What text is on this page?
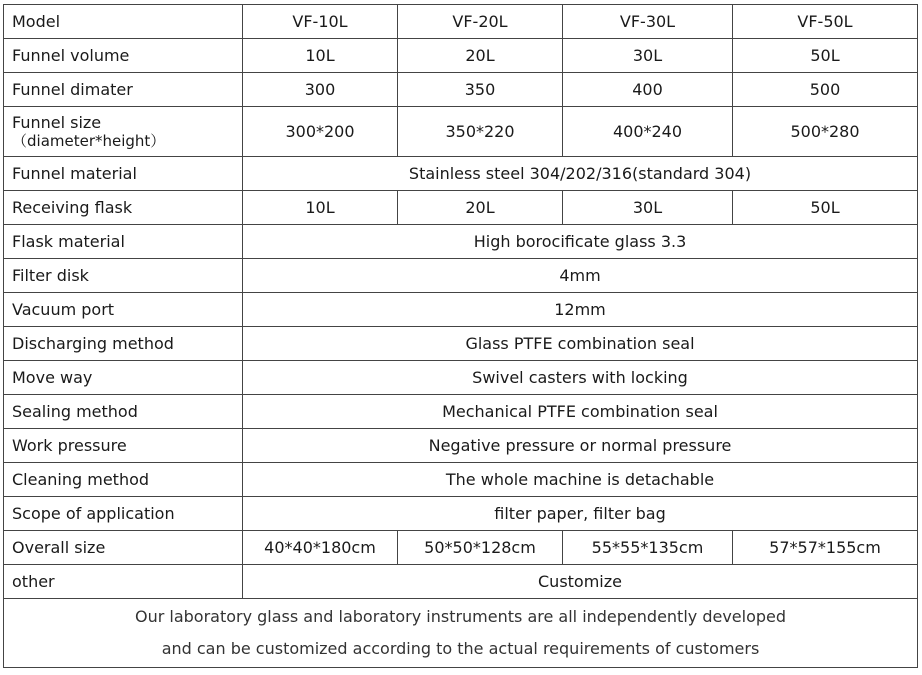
Model	VF-10L	VF-20L	VF-30L	VF-50L
Funnel volume	10L	20L	30L	50L
Funnel dimater	300	350	400	500
Funnel size
（diameter*height）	300*200	350*220	400*240	500*280
Funnel material	Stainless steel 304/202/316(standard 304)			
Receiving flask	10L	20L	30L	50L
Flask material	High borocificate glass 3.3			
Filter disk	4mm			
Vacuum port	12mm			
Discharging method	Glass PTFE combination seal			
Move way	Swivel casters with locking			
Sealing method	Mechanical PTFE combination seal			
Work pressure	Negative pressure or normal pressure			
Cleaning method	The whole machine is detachable			
Scope of application	filter paper, filter bag			
Overall size	40*40*180cm	50*50*128cm	55*55*135cm	57*57*155cm
other	Customize			

Our laboratory glass and laboratory instruments are all independently developed
and can be customized according to the actual requirements of customers				
